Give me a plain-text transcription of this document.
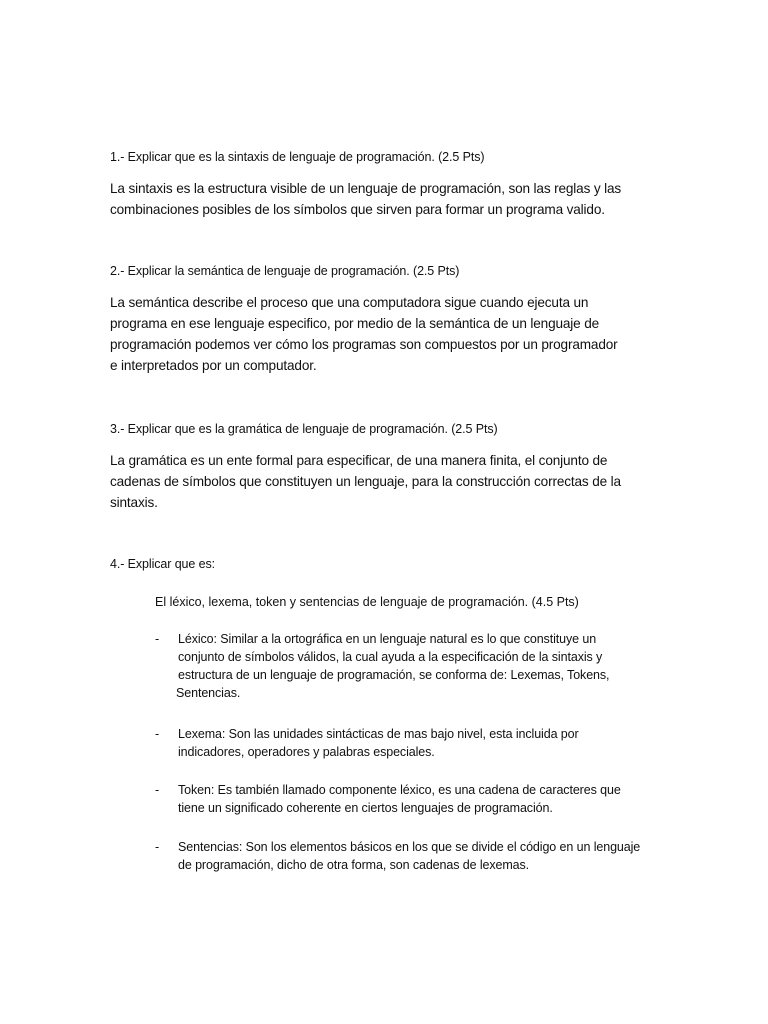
1.- Explicar que es la sintaxis de lenguaje de programación. (2.5 Pts)
La sintaxis es la estructura visible de un lenguaje de programación, son las reglas y las
combinaciones posibles de los símbolos que sirven para formar un programa valido.
2.- Explicar la semántica de lenguaje de programación. (2.5 Pts)
La semántica describe el proceso que una computadora sigue cuando ejecuta un
programa en ese lenguaje especifico, por medio de la semántica de un lenguaje de
programación podemos ver cómo los programas son compuestos por un programador
e interpretados por un computador.
3.- Explicar que es la gramática de lenguaje de programación. (2.5 Pts)
La gramática es un ente formal para especificar, de una manera finita, el conjunto de
cadenas de símbolos que constituyen un lenguaje, para la construcción correctas de la
sintaxis.
4.- Explicar que es:
El léxico, lexema, token y sentencias de lenguaje de programación. (4.5 Pts)
- Léxico: Similar a la ortográfica en un lenguaje natural es lo que constituye un
conjunto de símbolos válidos, la cual ayuda a la especificación de la sintaxis y
estructura de un lenguaje de programación, se conforma de: Lexemas, Tokens,
Sentencias.
- Lexema: Son las unidades sintácticas de mas bajo nivel, esta incluida por
indicadores, operadores y palabras especiales.
- Token: Es también llamado componente léxico, es una cadena de caracteres que
tiene un significado coherente en ciertos lenguajes de programación.
- Sentencias: Son los elementos básicos en los que se divide el código en un lenguaje
de programación, dicho de otra forma, son cadenas de lexemas.
